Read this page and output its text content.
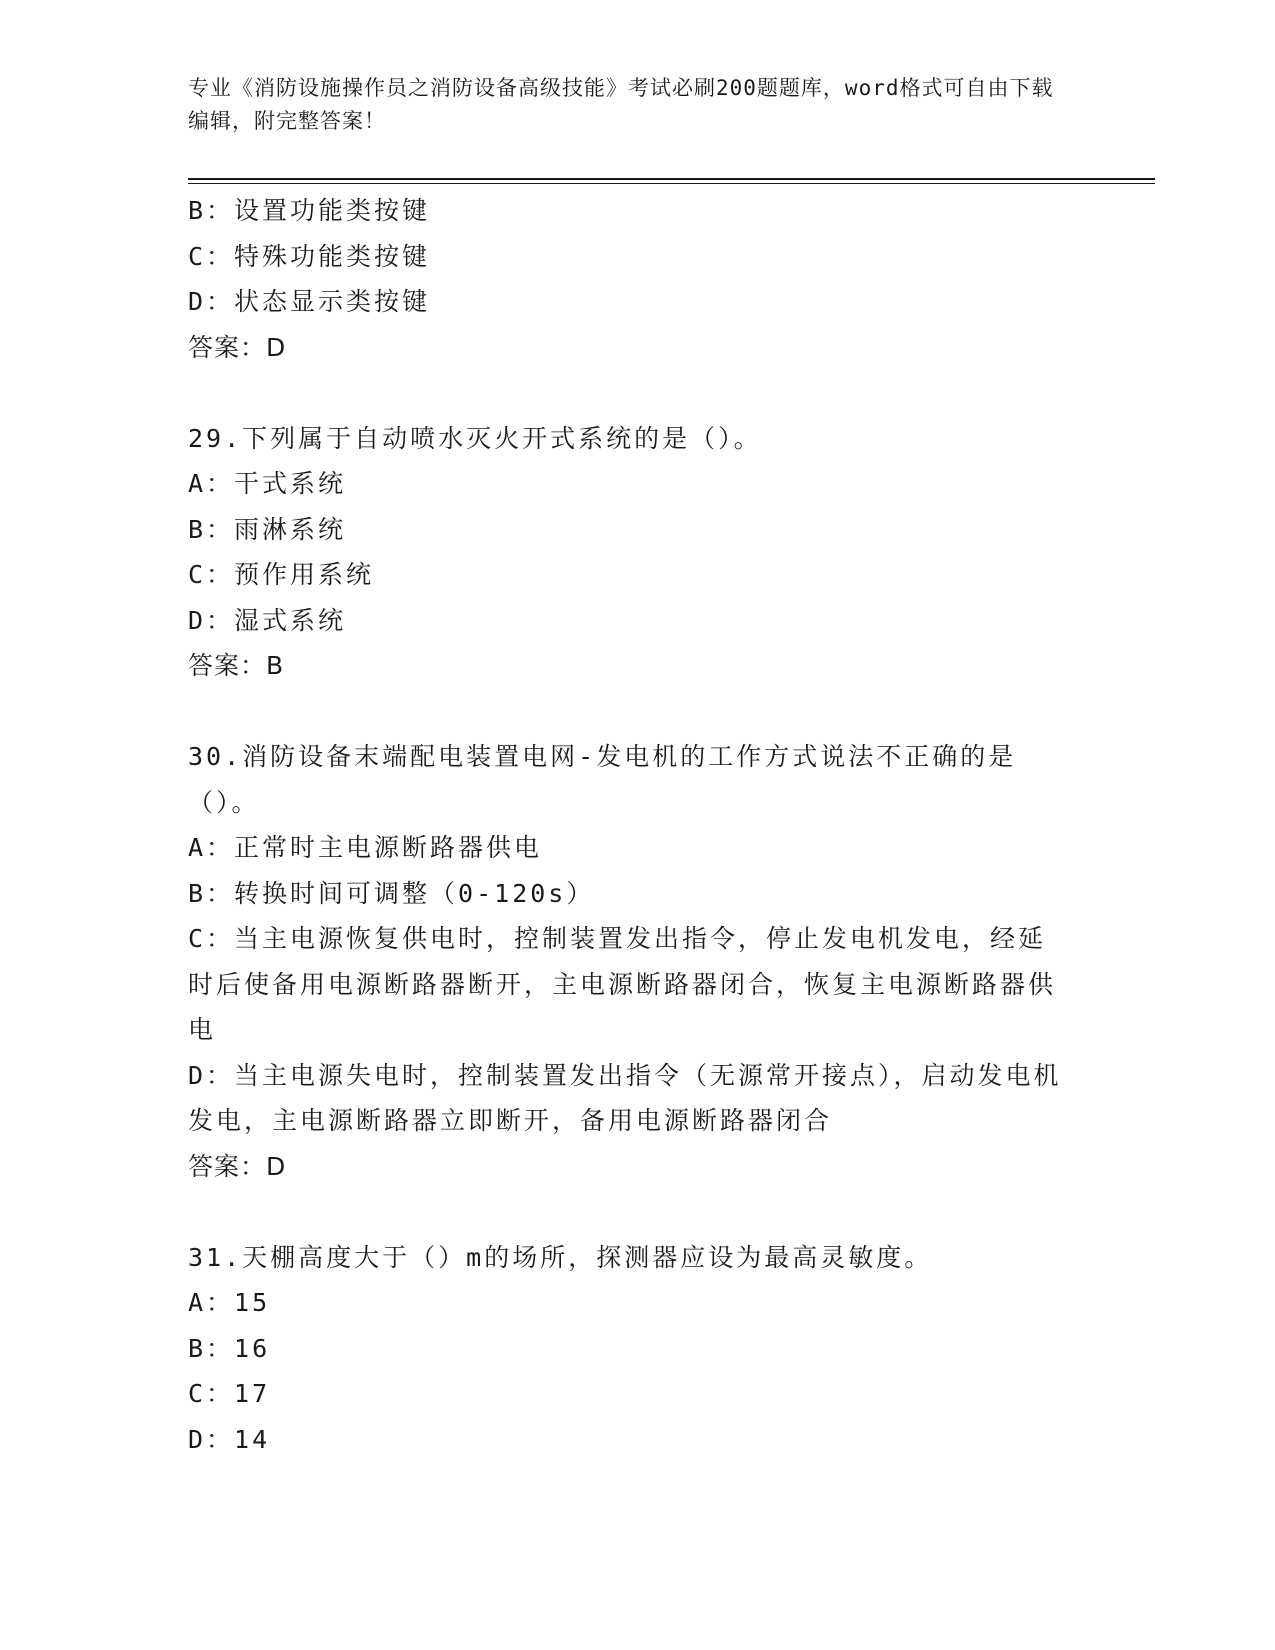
专业《消防设施操作员之消防设备高级技能》考试必刷200题题库，word格式可自由下载编辑，附完整答案！
B：设置功能类按键
C：特殊功能类按键
D：状态显示类按键
答案：D
29.下列属于自动喷水灭火开式系统的是（）。
A：干式系统
B：雨淋系统
C：预作用系统
D：湿式系统
答案：B
30.消防设备末端配电装置电网-发电机的工作方式说法不正确的是（）。
A：正常时主电源断路器供电
B：转换时间可调整（0-120s）
C：当主电源恢复供电时，控制装置发出指令，停止发电机发电，经延时后使备用电源断路器断开，主电源断路器闭合，恢复主电源断路器供电
D：当主电源失电时，控制装置发出指令（无源常开接点），启动发电机发电，主电源断路器立即断开，备用电源断路器闭合
答案：D
31.天棚高度大于（）m的场所，探测器应设为最高灵敏度。
A：15
B：16
C：17
D：14
